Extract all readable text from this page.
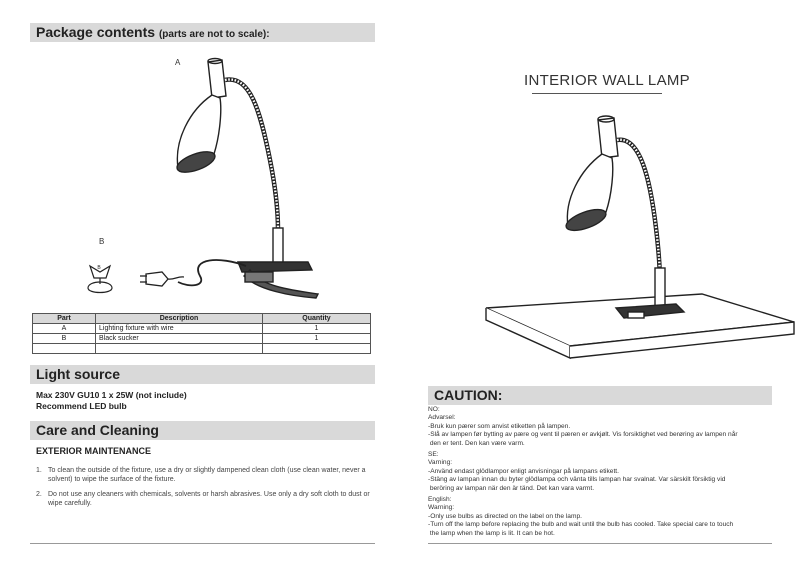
Package contents (parts are not to scale):
A
B
B
Part	Description	Quantity
A	Lighting fixture with wire	1
B	Black sucker	1

Light source
Max 230V GU10 1 x 25W (not include)
Recommend LED bulb
Care and Cleaning
EXTERIOR MAINTENANCE
1. To clean the outside of the fixture, use a dry or slightly dampened clean cloth (use clean water, never a solvent) to wipe the surface of the fixture.
2. Do not use any cleaners with chemicals, solvents or harsh abrasives. Use only a dry soft cloth to dust or wipe carefully.
INTERIOR WALL LAMP
CAUTION:
NO:
Advarsel:
-Bruk kun pærer som anvist etiketten på lampen.
-Slå av lampen før bytting av pære og vent til pæren er avkjølt. Vis forsiktighet ved berøring av lampen når
den er tent. Den kan være varm.
SE:
Varning:
-Använd endast glödlampor enligt anvisningar på lampans etikett.
-Stäng av lampan innan du byter glödlampa och vänta tills lampan har svalnat. Var särskilt försiktig vid
beröring av lampan när den är tänd. Det kan vara varmt.
English:
Warning:
-Only use bulbs as directed on the label on the lamp.
-Turn off the lamp before replacing the bulb and wait until the bulb has cooled. Take special care to touch
the lamp when the lamp is lit. It can be hot.
